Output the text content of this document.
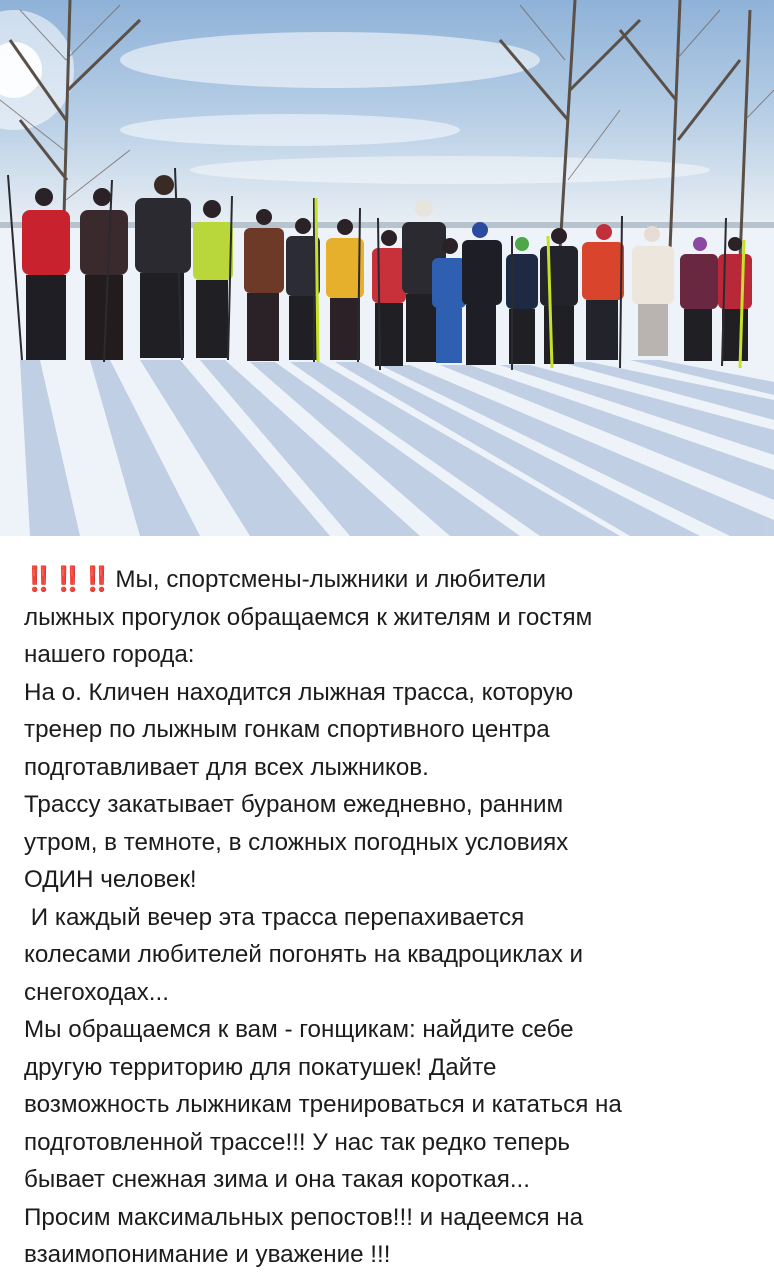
‼️‼️‼️ Мы, спортсмены-лыжники и любители
лыжных прогулок обращаемся к жителям и гостям
нашего города:
На о. Кличен находится лыжная трасса, которую
тренер по лыжным гонкам спортивного центра
подготавливает для всех лыжников.
Трассу закатывает бураном ежедневно, ранним
утром, в темноте, в сложных погодных условиях
ОДИН человек!
И каждый вечер эта трасса перепахивается
колесами любителей погонять на квадроциклах и
снегоходах...
Мы обращаемся к вам - гонщикам: найдите себе
другую территорию для покатушек! Дайте
возможность лыжникам тренироваться и кататься на
подготовленной трассе!!! У нас так редко теперь
бывает снежная зима и она такая короткая...
Просим максимальных репостов!!! и надеемся на
взаимопонимание и уважение !!!
